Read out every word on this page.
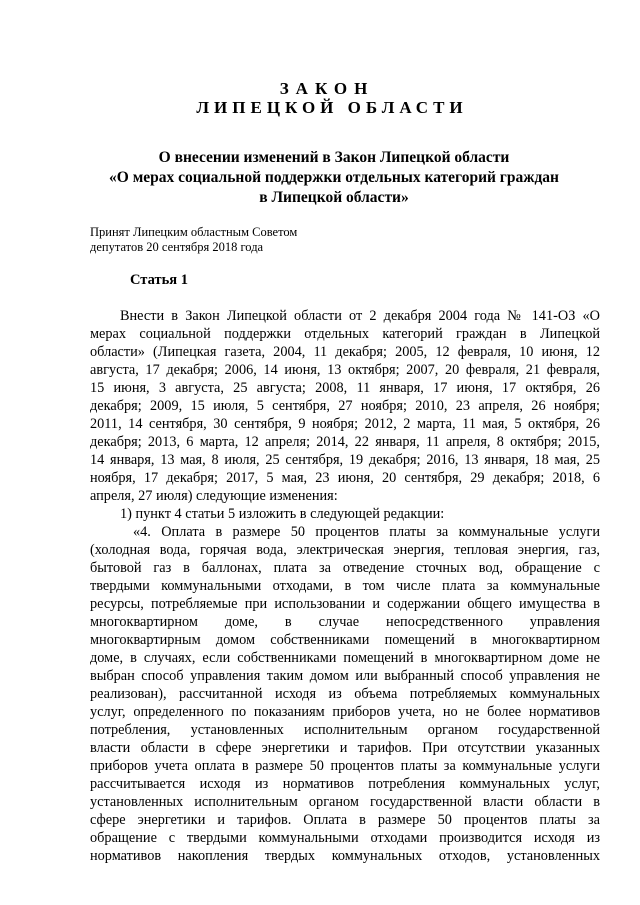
ЗАКОН
ЛИПЕЦКОЙ ОБЛАСТИ
О внесении изменений в Закон Липецкой области
«О мерах социальной поддержки отдельных категорий граждан
в Липецкой области»
Принят Липецким областным Советом
депутатов 20 сентября 2018 года
Статья 1
Внести в Закон Липецкой области от 2 декабря 2004 года № 141-ОЗ «О
мерах социальной поддержки отдельных категорий граждан в Липецкой
области» (Липецкая газета, 2004, 11 декабря; 2005, 12 февраля, 10 июня, 12
августа, 17 декабря; 2006, 14 июня, 13 октября; 2007, 20 февраля, 21 февраля,
15 июня, 3 августа, 25 августа; 2008, 11 января, 17 июня, 17 октября, 26
декабря; 2009, 15 июля, 5 сентября, 27 ноября; 2010, 23 апреля, 26 ноября;
2011, 14 сентября, 30 сентября, 9 ноября; 2012, 2 марта, 11 мая, 5 октября, 26
декабря; 2013, 6 марта, 12 апреля; 2014, 22 января, 11 апреля, 8 октября; 2015,
14 января, 13 мая, 8 июля, 25 сентября, 19 декабря; 2016, 13 января, 18 мая, 25
ноября, 17 декабря; 2017, 5 мая, 23 июня, 20 сентября, 29 декабря; 2018, 6
апреля, 27 июля) следующие изменения:
1) пункт 4 статьи 5 изложить в следующей редакции:
«4. Оплата в размере 50 процентов платы за коммунальные услуги
(холодная вода, горячая вода, электрическая энергия, тепловая энергия, газ,
бытовой газ в баллонах, плата за отведение сточных вод, обращение с
твердыми коммунальными отходами, в том числе плата за коммунальные
ресурсы, потребляемые при использовании и содержании общего имущества в
многоквартирном доме, в случае непосредственного управления
многоквартирным домом собственниками помещений в многоквартирном
доме, в случаях, если собственниками помещений в многоквартирном доме не
выбран способ управления таким домом или выбранный способ управления не
реализован), рассчитанной исходя из объема потребляемых коммунальных
услуг, определенного по показаниям приборов учета, но не более нормативов
потребления, установленных исполнительным органом государственной
власти области в сфере энергетики и тарифов. При отсутствии указанных
приборов учета оплата в размере 50 процентов платы за коммунальные услуги
рассчитывается исходя из нормативов потребления коммунальных услуг,
установленных исполнительным органом государственной власти области в
сфере энергетики и тарифов. Оплата в размере 50 процентов платы за
обращение с твердыми коммунальными отходами производится исходя из
нормативов накопления твердых коммунальных отходов, установленных
